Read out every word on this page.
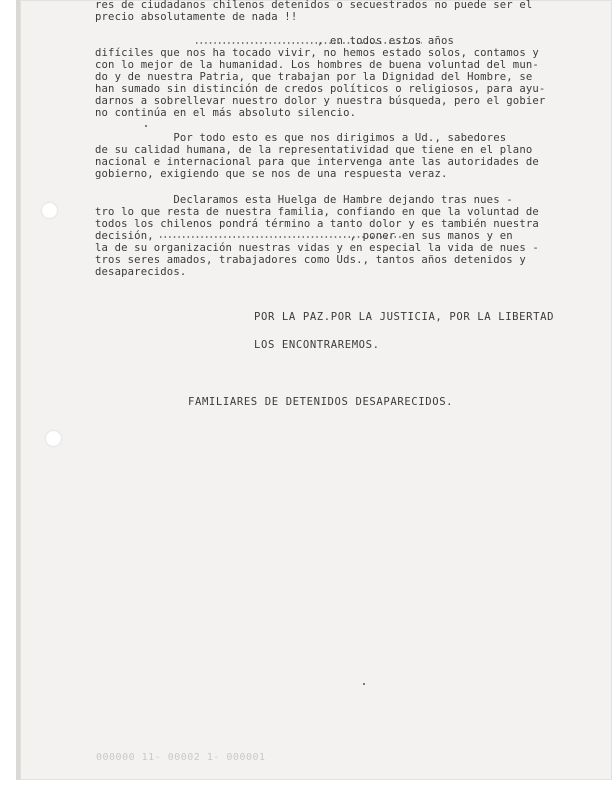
res de ciudadanos chilenos detenidos o secuestrados no puede ser el

precio absolutamente de nada !!

, en todos estos años

difíciles que nos ha tocado vivir, no hemos estado solos, contamos y

con lo mejor de la humanidad. Los hombres de buena voluntad del mun-

do y de nuestra Patria, que trabajan por la Dignidad del Hombre, se

han sumado sin distinción de credos políticos o religiosos, para ayu-

darnos a sobrellevar nuestro dolor y nuestra búsqueda, pero el gobier

no continúa en el más absoluto silencio.

Por todo esto es que nos dirigimos a Ud., sabedores

de su calidad humana, de la representatividad que tiene en el plano

nacional e internacional para que intervenga ante las autoridades de

gobierno, exigiendo que se nos de una respuesta veraz.

Declaramos esta Huelga de Hambre dejando tras nues -

tro lo que resta de nuestra familia, confiando en que la voluntad de

todos los chilenos pondrá término a tanto dolor y es también nuestra

decisión,                              , poner en sus manos y en

la de su organización nuestras vidas y en especial la vida de nues -

tros seres amados, trabajadores como Uds., tantos años detenidos y

desaparecidos.

POR LA PAZ.POR LA JUSTICIA, POR LA LIBERTAD

LOS ENCONTRAREMOS.

FAMILIARES DE DETENIDOS DESAPARECIDOS.

000000 11- 00002 1- 000001
